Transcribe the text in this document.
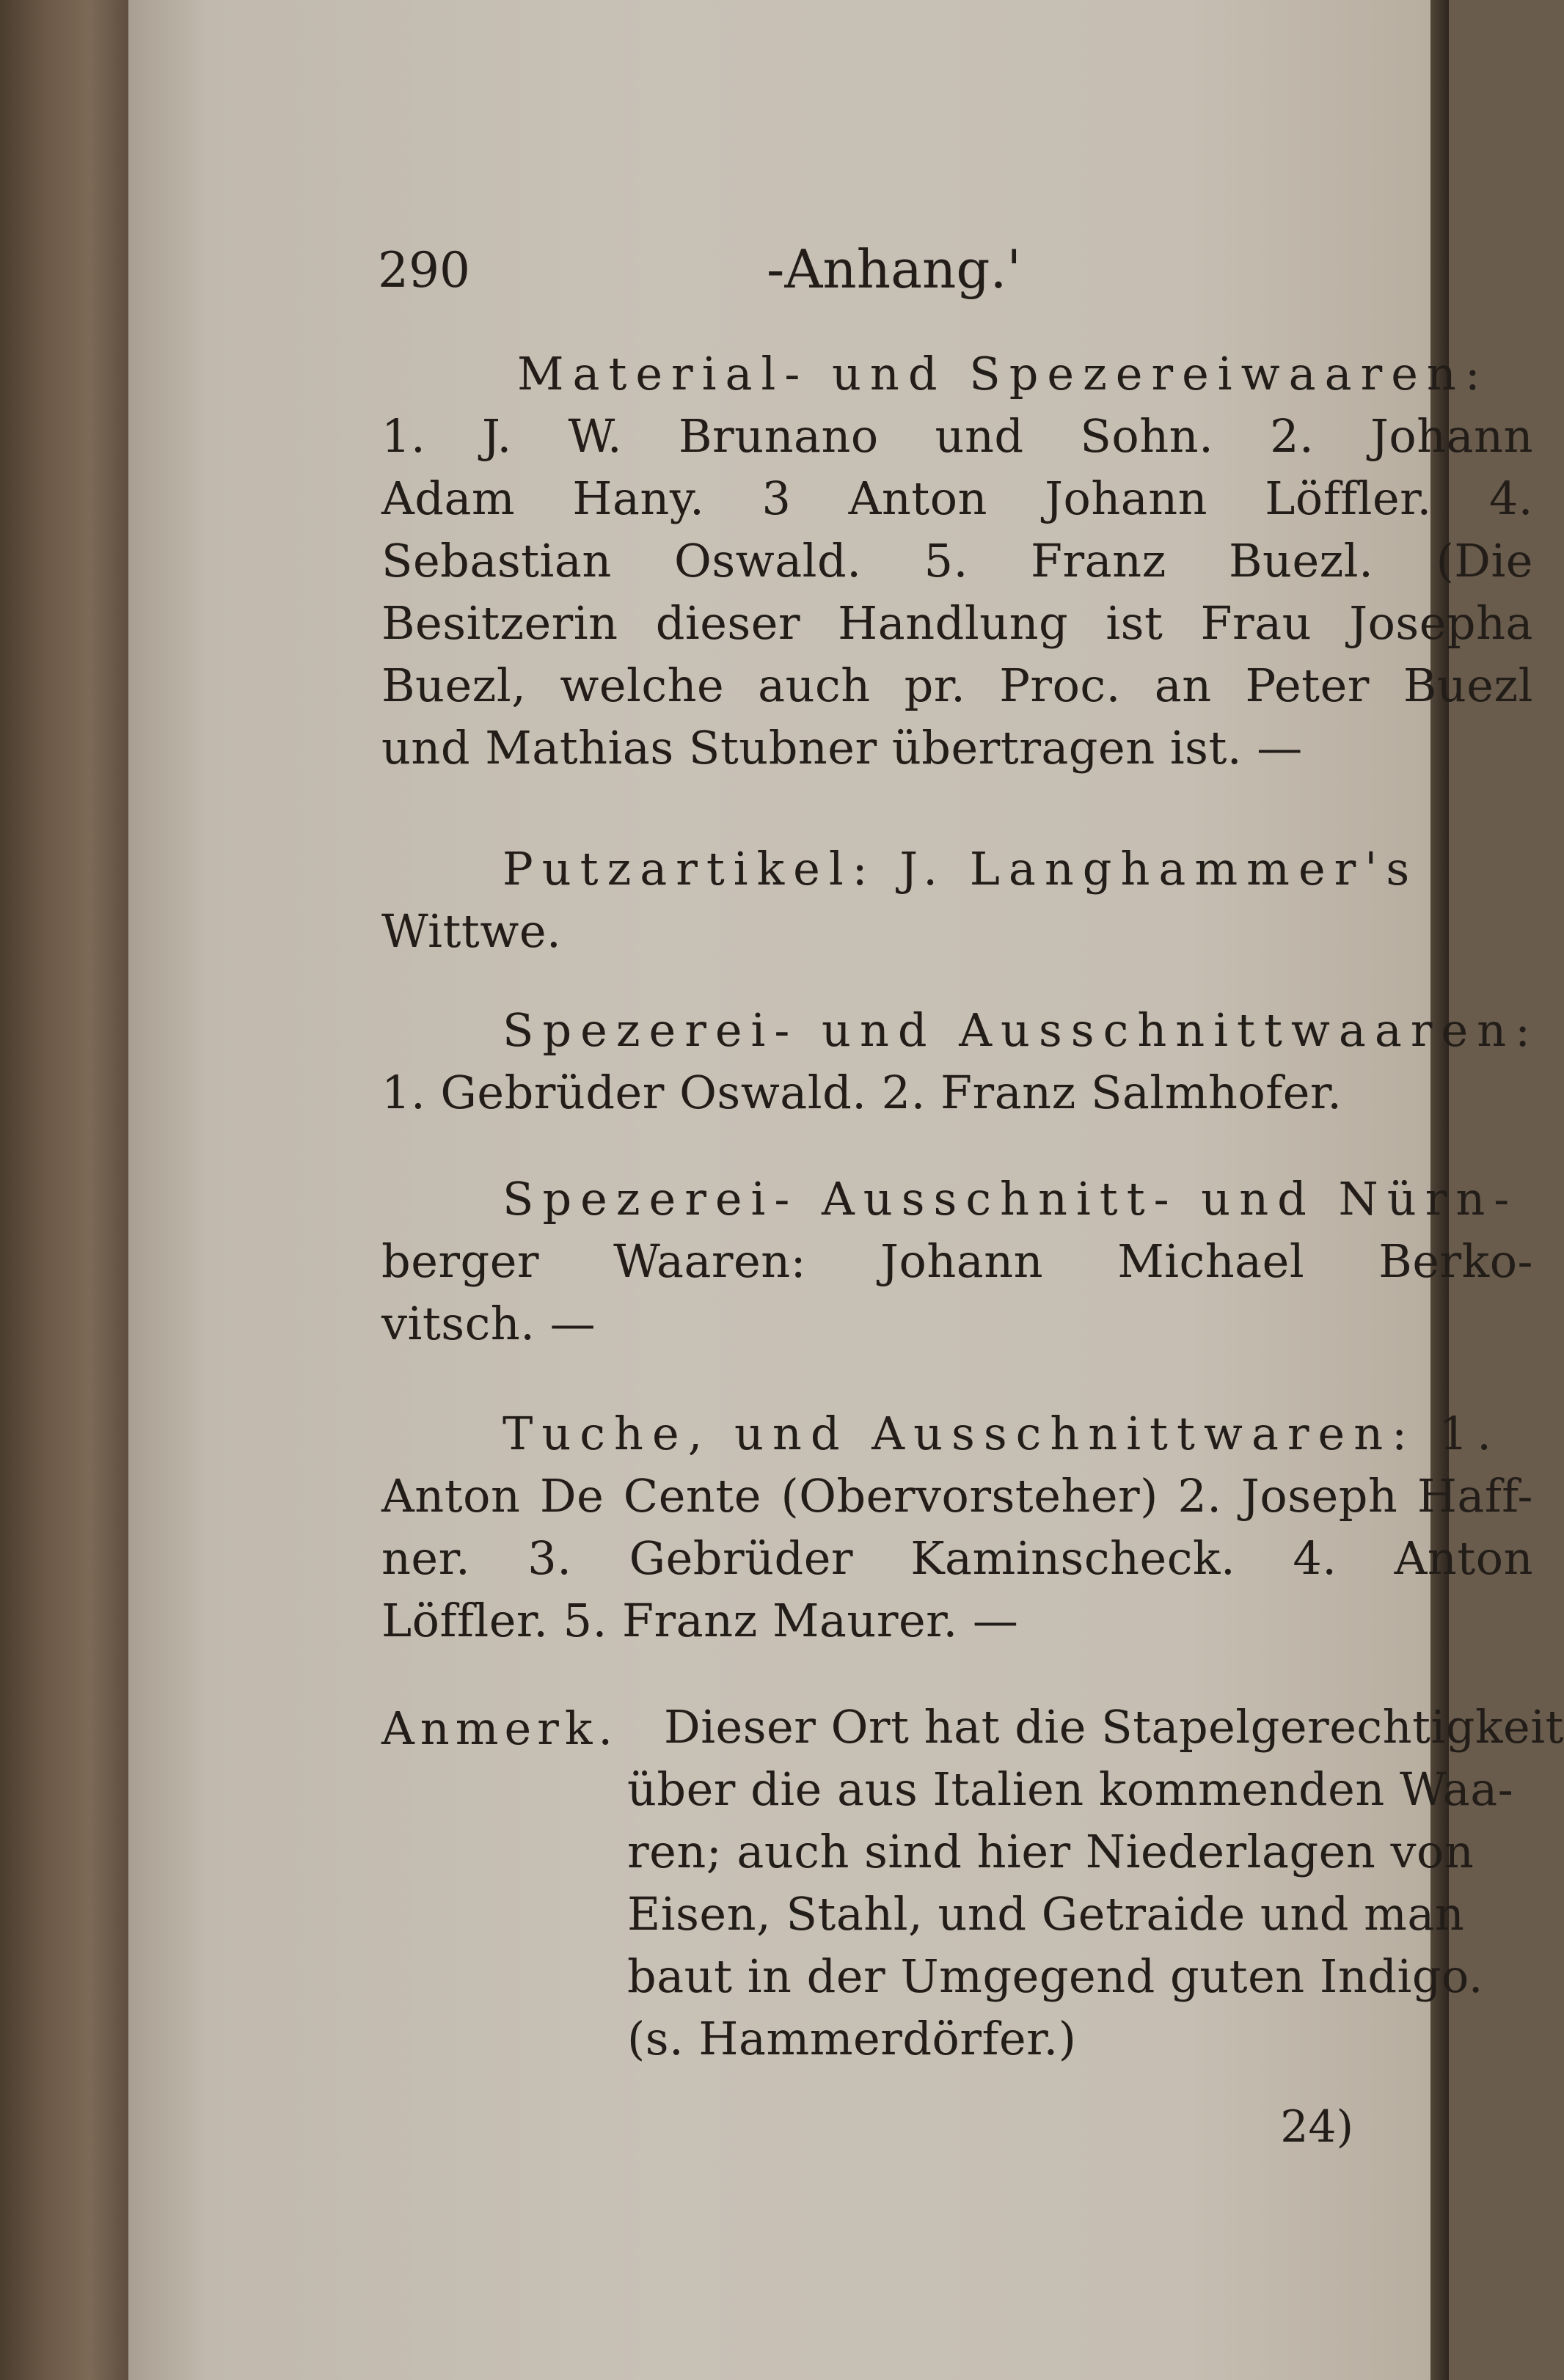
290	-Anhang.'
Material- und Spezereiwaaren:
1. J. W. Brunano und Sohn. 2. Johann
Adam Hany. 3 Anton Johann Löffler. 4.
Sebastian Oswald. 5. Franz Buezl. (Die
Besitzerin dieser Handlung ist Frau Josepha
Buezl, welche auch pr. Proc. an Peter Buezl
und Mathias Stubner übertragen ist. —
Putzartikel: J. Langhammer's
Wittwe.
Spezerei- und Ausschnittwaaren:
1. Gebrüder Oswald. 2. Franz Salmhofer.
Spezerei- Ausschnitt- und Nürn-
berger Waaren: Johann Michael Berko-
vitsch. —
Tuche, und Ausschnittwaren: 1.
Anton De Cente (Obervorsteher) 2. Joseph Haff-
ner. 3. Gebrüder Kaminscheck. 4. Anton
Löffler. 5. Franz Maurer. —
Anmerk. Dieser Ort hat die Stapelgerechtigkeit
über die aus Italien kommenden Waa-
ren; auch sind hier Niederlagen von
Eisen, Stahl, und Getraide und man
baut in der Umgegend guten Indigo.
(s. Hammerdörfer.)
24)
